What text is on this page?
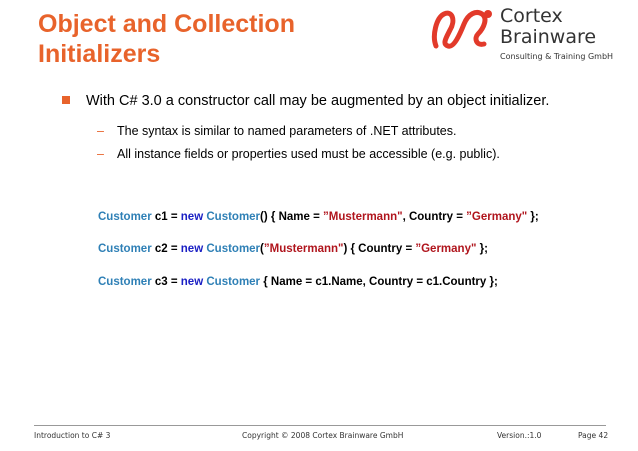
Object and Collection
Initializers
Cortex
Brainware
Consulting & Training GmbH
With C# 3.0 a constructor call may be augmented by an object initializer.
– The syntax is similar to named parameters of .NET attributes.
– All instance fields or properties used must be accessible (e.g. public).
Customer c1 = new Customer() { Name = ”Mustermann", Country = ”Germany" };
Customer c2 = new Customer(”Mustermann") { Country = ”Germany" };
Customer c3 = new Customer { Name = c1.Name, Country = c1.Country };
Introduction to C# 3	Copyright © 2008 Cortex Brainware GmbH	Version.:1.0	Page 42
